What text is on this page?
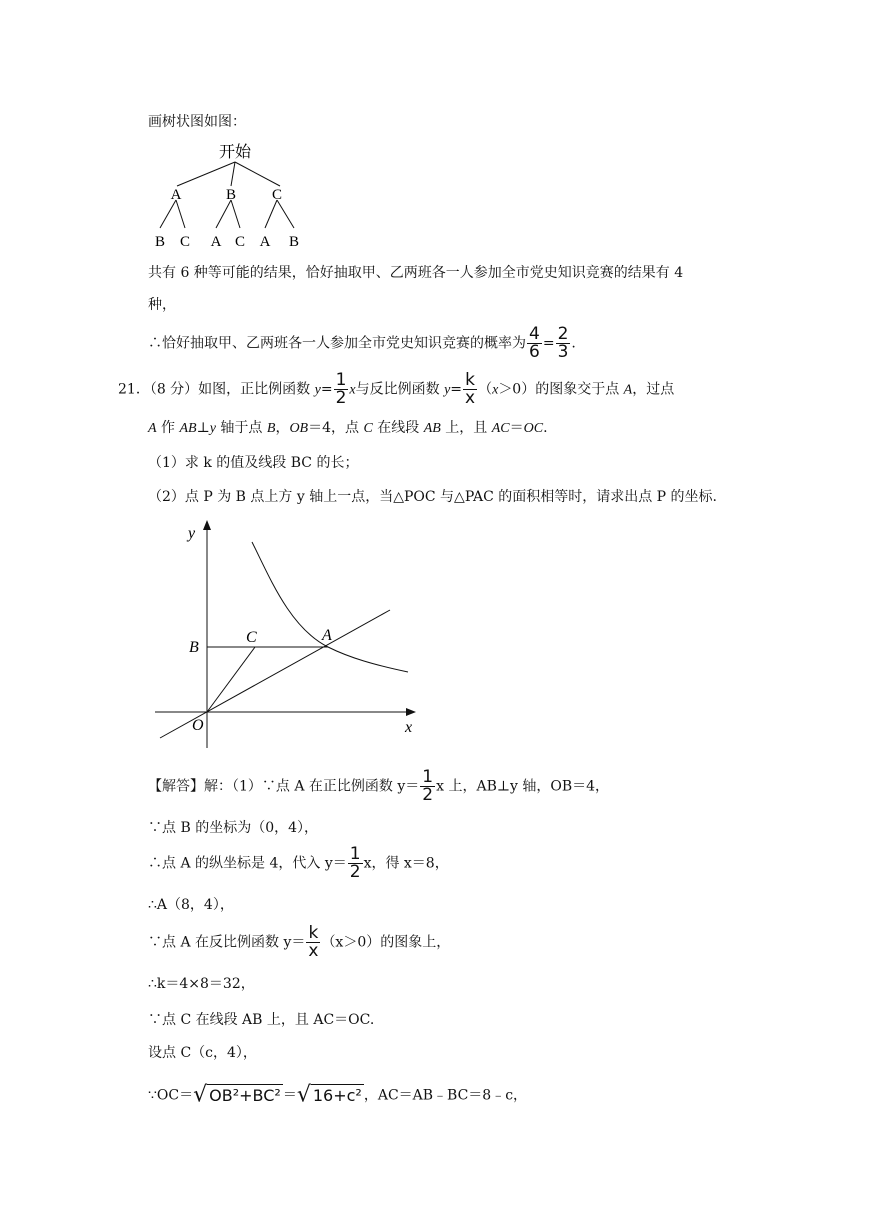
画树状图如图：
开始
A	B C
B C A C A B
共有 6 种等可能的结果，恰好抽取甲、乙两班各一人参加全市党史知识竞赛的结果有 4
种，
∴恰好抽取甲、乙两班各一人参加全市党史知识竞赛的概率为 $\frac{4}{6} = \frac{2}{3}$ .
21．（8 分）如图，正比例函数 $y= \frac{1}{2}$ x与反比例函数 $y= \frac{k}{x} (x>0)$的图象交于点 A，过点
A 作 AB⊥y 轴于点 B，OB＝4，点 C 在线段 AB 上，且 AC＝OC.
（1）求 k 的值及线段 BC 的长；
（2）点 P 为 B 点上方 y 轴上一点，当△POC 与△PAC 的面积相等时，请求出点 P 的坐标.
y
x
O
B
C	A
【解答】解：（1）∵点 A 在正比例函数 $y= \frac{1}{2}$ x 上，AB⊥y 轴，OB＝4，
∵点 B 的坐标为（0，4），
∴点 A 的纵坐标是 4，代入 $y= \frac{1}{2}$ x，得 x＝8，
∴A（8，4），
∵点 A 在反比例函数 $y= \frac{k}{x} (x>0)$的图象上，
∴k＝4×8＝32，
∵点 C 在线段 AB 上，且 AC＝OC.
设点 C（c，4），
∵OC＝√ OB²+BC² ＝√ 16+c² ，AC＝AB﹣BC＝8﹣c，
